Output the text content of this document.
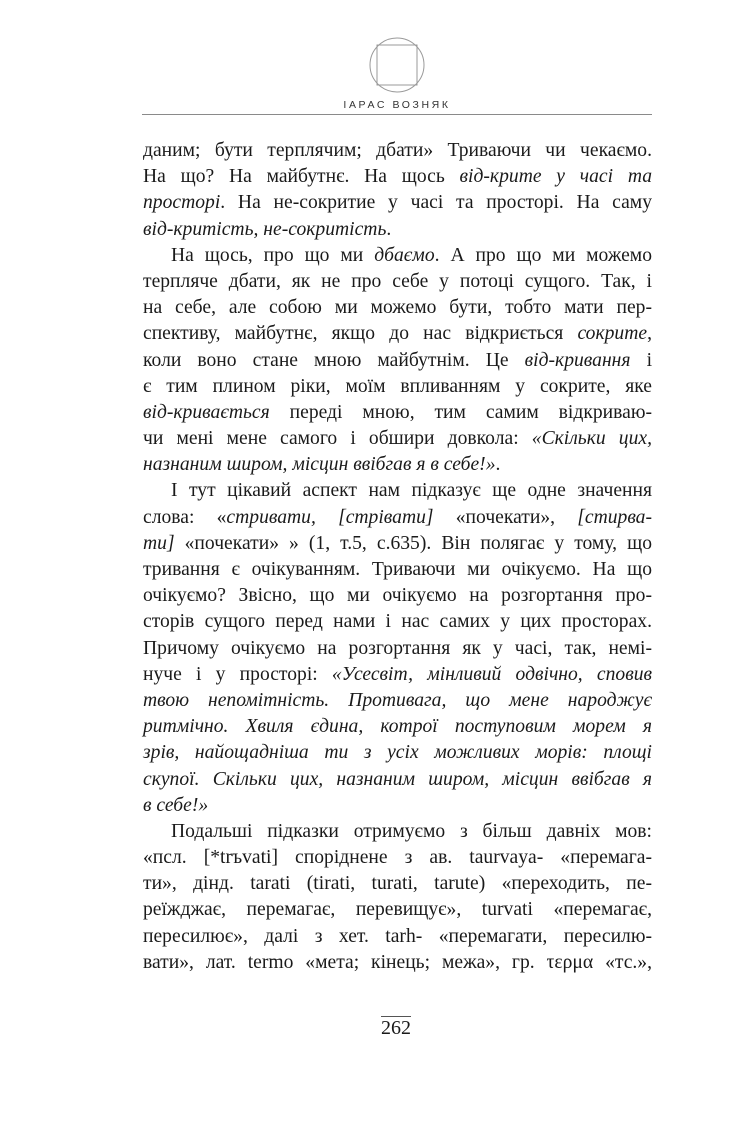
ІАРАС ВОЗНЯК
даним; бути терплячим; дбати» Триваючи чи чекаємо.
На що? На майбутнє. На щось від-крите у часі та
просторі. На не-сокритие у часі та просторі. На саму
від-критість, не-сокритість.
На щось, про що ми дбаємо. А про що ми можемо
терпляче дбати, як не про себе у потоці сущого. Так, і
на себе, але собою ми можемо бути, тобто мати пер-
спективу, майбутнє, якщо до нас відкриється сокрите,
коли воно стане мною майбутнім. Це від-кривання і
є тим плином ріки, моїм впливанням у сокрите, яке
від-кривається переді мною, тим самим відкриваю-
чи мені мене самого і обшири довкола: «Скільки цих,
назнаним широм, місцин ввібгав я в себе!».
І тут цікавий аспект нам підказує ще одне значення
слова: «стривати, [стрівати] «почекати», [стирва-
ти] «почекати» » (1, т.5, с.635). Він полягає у тому, що
тривання є очікуванням. Триваючи ми очікуємо. На що
очікуємо? Звісно, що ми очікуємо на розгортання про-
сторів сущого перед нами і нас самих у цих просторах.
Причому очікуємо на розгортання як у часі, так, немі-
нуче і у просторі: «Усесвіт, мінливий одвічно, сповив
твою непомітність. Противага, що мене народжує
ритмічно. Хвиля єдина, котрої поступовим морем я
зрів, найощадніша ти з усіх можливих морів: площі
скупої. Скільки цих, назнаним широм, місцин ввібгав я
в себе!»
Подальші підказки отримуємо з більш давніх мов:
«псл. [*trъvati] споріднене з ав. taurvaya- «перемага-
ти», дінд. tarati (tirati, turati, tarute) «переходить, пе-
реїжджає, перемагає, перевищує», turvati «перемагає,
пересилює», далі з хет. tarh- «перемагати, пересилю-
вати», лат. termo «мета; кінець; межа», гр. τερμα «тс.»,
262
